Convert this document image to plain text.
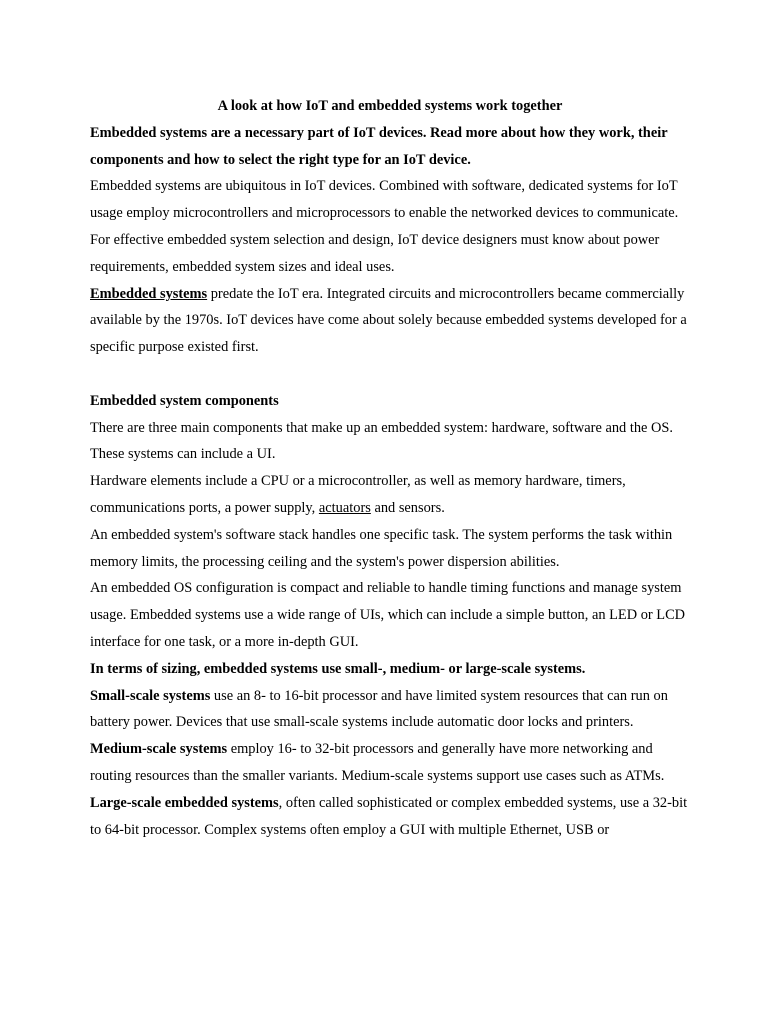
A look at how IoT and embedded systems work together

Embedded systems are a necessary part of IoT devices. Read more about how they work, their components and how to select the right type for an IoT device.

Embedded systems are ubiquitous in IoT devices. Combined with software, dedicated systems for IoT usage employ microcontrollers and microprocessors to enable the networked devices to communicate.

For effective embedded system selection and design, IoT device designers must know about power requirements, embedded system sizes and ideal uses.

Embedded systems predate the IoT era. Integrated circuits and microcontrollers became commercially available by the 1970s. IoT devices have come about solely because embedded systems developed for a specific purpose existed first.

Embedded system components

There are three main components that make up an embedded system: hardware, software and the OS. These systems can include a UI.

Hardware elements include a CPU or a microcontroller, as well as memory hardware, timers, communications ports, a power supply, actuators and sensors.

An embedded system's software stack handles one specific task. The system performs the task within memory limits, the processing ceiling and the system's power dispersion abilities.

An embedded OS configuration is compact and reliable to handle timing functions and manage system usage. Embedded systems use a wide range of UIs, which can include a simple button, an LED or LCD interface for one task, or a more in-depth GUI.

In terms of sizing, embedded systems use small-, medium- or large-scale systems.

Small-scale systems use an 8- to 16-bit processor and have limited system resources that can run on battery power. Devices that use small-scale systems include automatic door locks and printers.

Medium-scale systems employ 16- to 32-bit processors and generally have more networking and routing resources than the smaller variants. Medium-scale systems support use cases such as ATMs.

Large-scale embedded systems, often called sophisticated or complex embedded systems, use a 32-bit to 64-bit processor. Complex systems often employ a GUI with multiple Ethernet, USB or
